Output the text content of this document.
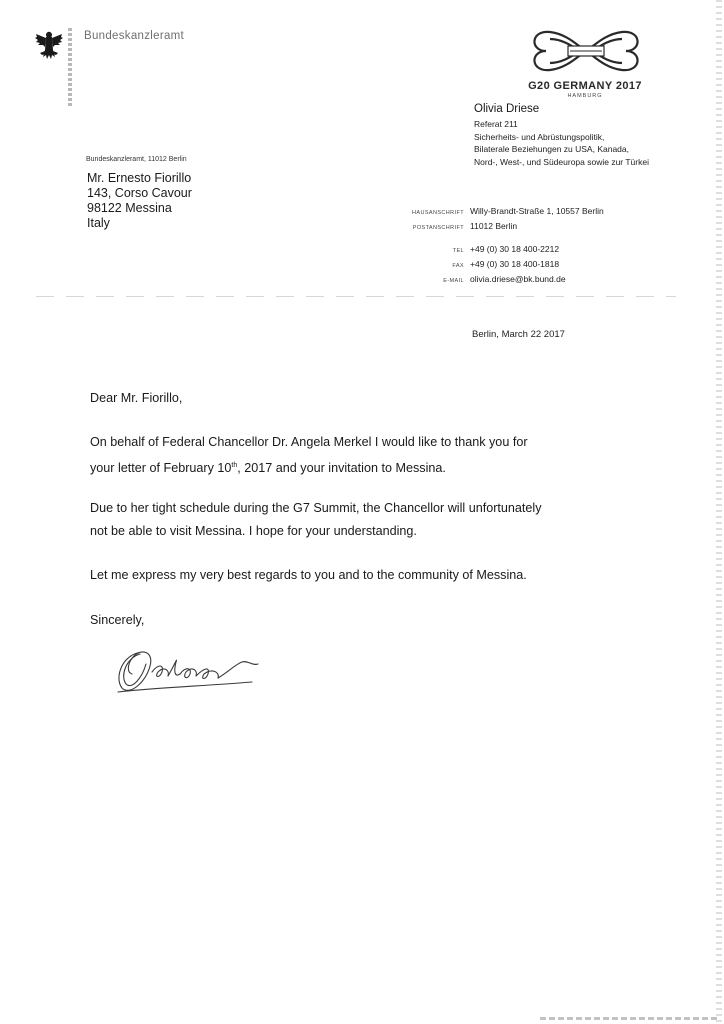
Bundeskanzleramt
G20 GERMANY 2017
HAMBURG
Olivia Driese
Referat 211
Sicherheits- und Abrüstungspolitik,
Bilaterale Beziehungen zu USA, Kanada,
Nord-, West-, und Südeuropa sowie zur Türkei
Bundeskanzleramt, 11012 Berlin
Mr. Ernesto Fiorillo
143, Corso Cavour
98122 Messina
Italy
HAUSANSCHRIFT Willy-Brandt-Straße 1, 10557 Berlin
POSTANSCHRIFT 11012 Berlin
TEL +49 (0) 30 18 400-2212
FAX +49 (0) 30 18 400-1818
E-MAIL olivia.driese@bk.bund.de
Berlin, March 22 2017
Dear Mr. Fiorillo,
On behalf of Federal Chancellor Dr. Angela Merkel I would like to thank you for
your letter of February 10th, 2017 and your invitation to Messina.
Due to her tight schedule during the G7 Summit, the Chancellor will unfortunately
not be able to visit Messina. I hope for your understanding.
Let me express my very best regards to you and to the community of Messina.
Sincerely,
